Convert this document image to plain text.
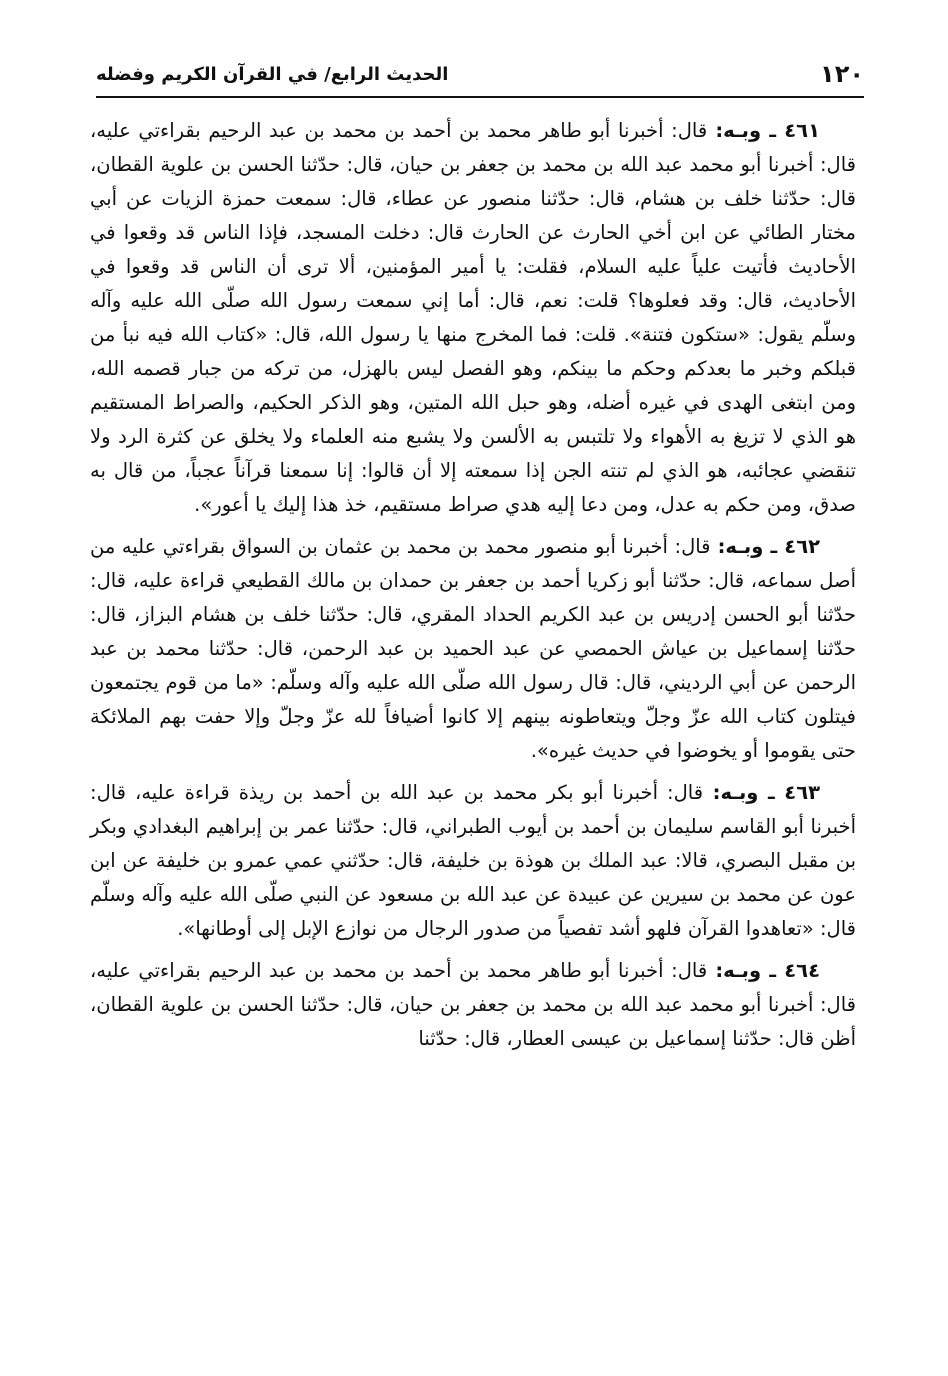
١٢٠
الحديث الرابع/ في القرآن الكريم وفضله

٤٦١ ـ وبـه: قال: أخبرنا أبو طاهر محمد بن أحمد بن محمد بن عبد الرحيم بقراءتي عليه، قال: أخبرنا أبو محمد عبد الله بن محمد بن جعفر بن حيان، قال: حدّثنا الحسن بن علوية القطان، قال: حدّثنا خلف بن هشام، قال: حدّثنا منصور عن عطاء، قال: سمعت حمزة الزيات عن أبي مختار الطائي عن ابن أخي الحارث عن الحارث قال: دخلت المسجد، فإذا الناس قد وقعوا في الأحاديث فأتيت علياً عليه السلام، فقلت: يا أمير المؤمنين، ألا ترى أن الناس قد وقعوا في الأحاديث، قال: وقد فعلوها؟ قلت: نعم، قال: أما إني سمعت رسول الله صلّى الله عليه وآله وسلّم يقول: «ستكون فتنة». قلت: فما المخرج منها يا رسول الله، قال: «كتاب الله فيه نبأ من قبلكم وخبر ما بعدكم وحكم ما بينكم، وهو الفصل ليس بالهزل، من تركه من جبار قصمه الله، ومن ابتغى الهدى في غيره أضله، وهو حبل الله المتين، وهو الذكر الحكيم، والصراط المستقيم هو الذي لا تزيغ به الأهواء ولا تلتبس به الألسن ولا يشبع منه العلماء ولا يخلق عن كثرة الرد ولا تنقضي عجائبه، هو الذي لم تنته الجن إذا سمعته إلا أن قالوا: إنا سمعنا قرآناً عجباً، من قال به صدق، ومن حكم به عدل، ومن دعا إليه هدي صراط مستقيم، خذ هذا إليك يا أعور».

٤٦٢ ـ وبـه: قال: أخبرنا أبو منصور محمد بن محمد بن عثمان بن السواق بقراءتي عليه من أصل سماعه، قال: حدّثنا أبو زكريا أحمد بن جعفر بن حمدان بن مالك القطيعي قراءة عليه، قال: حدّثنا أبو الحسن إدريس بن عبد الكريم الحداد المقري، قال: حدّثنا خلف بن هشام البزاز، قال: حدّثنا إسماعيل بن عياش الحمصي عن عبد الحميد بن عبد الرحمن، قال: حدّثنا محمد بن عبد الرحمن عن أبي الرديني، قال: قال رسول الله صلّى الله عليه وآله وسلّم: «ما من قوم يجتمعون فيتلون كتاب الله عزّ وجلّ ويتعاطونه بينهم إلا كانوا أضيافاً لله عزّ وجلّ وإلا حفت بهم الملائكة حتى يقوموا أو يخوضوا في حديث غيره».

٤٦٣ ـ وبـه: قال: أخبرنا أبو بكر محمد بن عبد الله بن أحمد بن ريذة قراءة عليه، قال: أخبرنا أبو القاسم سليمان بن أحمد بن أيوب الطبراني، قال: حدّثنا عمر بن إبراهيم البغدادي وبكر بن مقبل البصري، قالا: عبد الملك بن هوذة بن خليفة، قال: حدّثني عمي عمرو بن خليفة عن ابن عون عن محمد بن سيرين عن عبيدة عن عبد الله بن مسعود عن النبي صلّى الله عليه وآله وسلّم قال: «تعاهدوا القرآن فلهو أشد تفصياً من صدور الرجال من نوازع الإبل إلى أوطانها».

٤٦٤ ـ وبـه: قال: أخبرنا أبو طاهر محمد بن أحمد بن محمد بن عبد الرحيم بقراءتي عليه، قال: أخبرنا أبو محمد عبد الله بن محمد بن جعفر بن حيان، قال: حدّثنا الحسن بن علوية القطان، أظن قال: حدّثنا إسماعيل بن عيسى العطار، قال: حدّثنا
